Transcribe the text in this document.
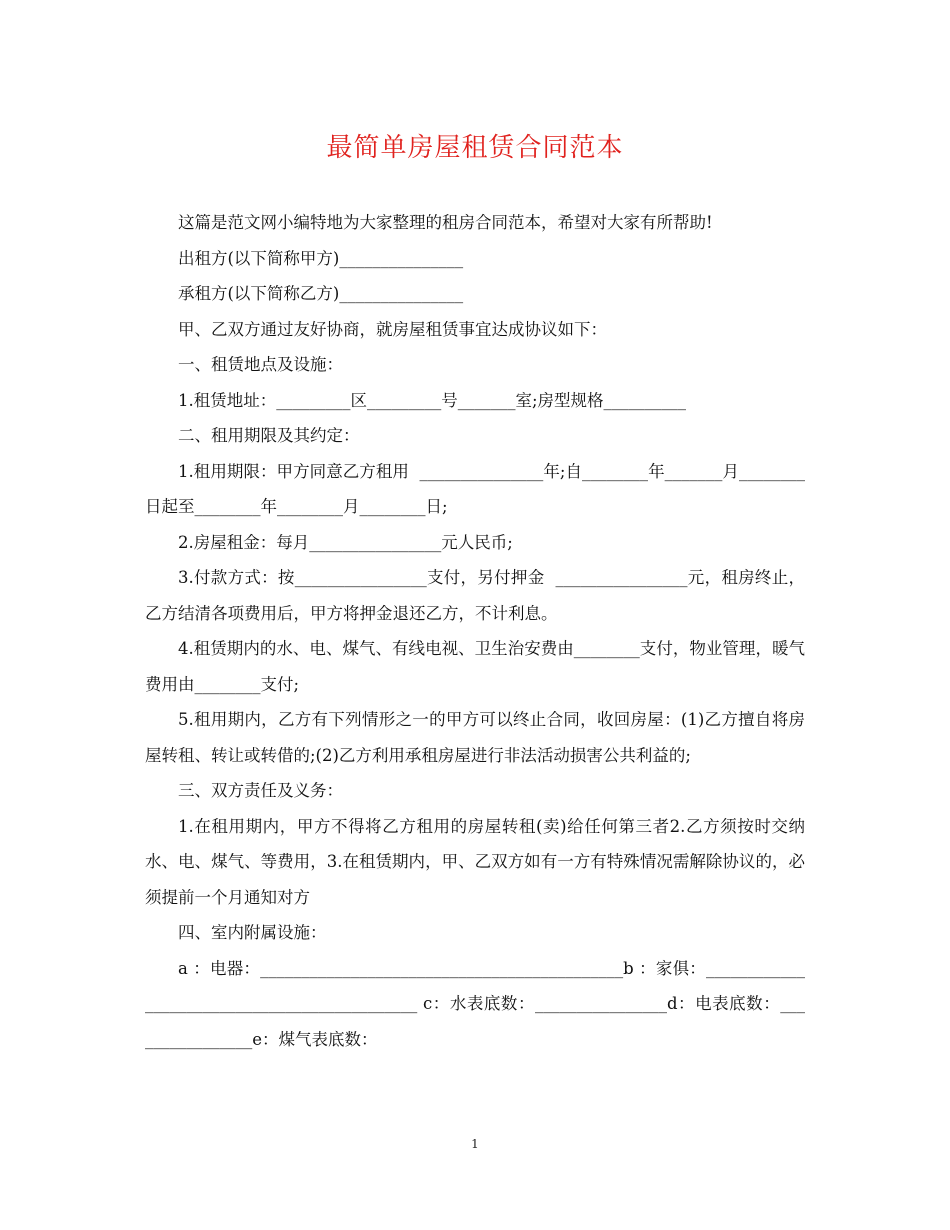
最简单房屋租赁合同范本

这篇是范文网小编特地为大家整理的租房合同范本，希望对大家有所帮助!

出租方(以下简称甲方)_______________

承租方(以下简称乙方)_______________

甲、乙双方通过友好协商，就房屋租赁事宜达成协议如下：

一、租赁地点及设施：

1.租赁地址：_________区_________号_______室;房型规格__________

二、租用期限及其约定：

1.租用期限：甲方同意乙方租用  _______________年;自________年_______月________日起至________年________月________日;

2.房屋租金：每月________________元人民币;

3.付款方式：按________________支付，另付押金  ________________元，租房终止，乙方结清各项费用后，甲方将押金退还乙方，不计利息。

4.租赁期内的水、电、煤气、有线电视、卫生治安费由________支付，物业管理，暖气费用由________支付;

5.租用期内，乙方有下列情形之一的甲方可以终止合同，收回房屋：(1)乙方擅自将房屋转租、转让或转借的;(2)乙方利用承租房屋进行非法活动损害公共利益的;

三、双方责任及义务：

1.在租用期内，甲方不得将乙方租用的房屋转租(卖)给任何第三者2.乙方须按时交纳水、电、煤气、等费用，3.在租赁期内，甲、乙双方如有一方有特殊情况需解除协议的，必须提前一个月通知对方

四、室内附属设施：

a ：电器：____________________________________________b ：家俱：_____________________________________________ c：水表底数：________________d：电表底数：________________e：煤气表底数：

1
